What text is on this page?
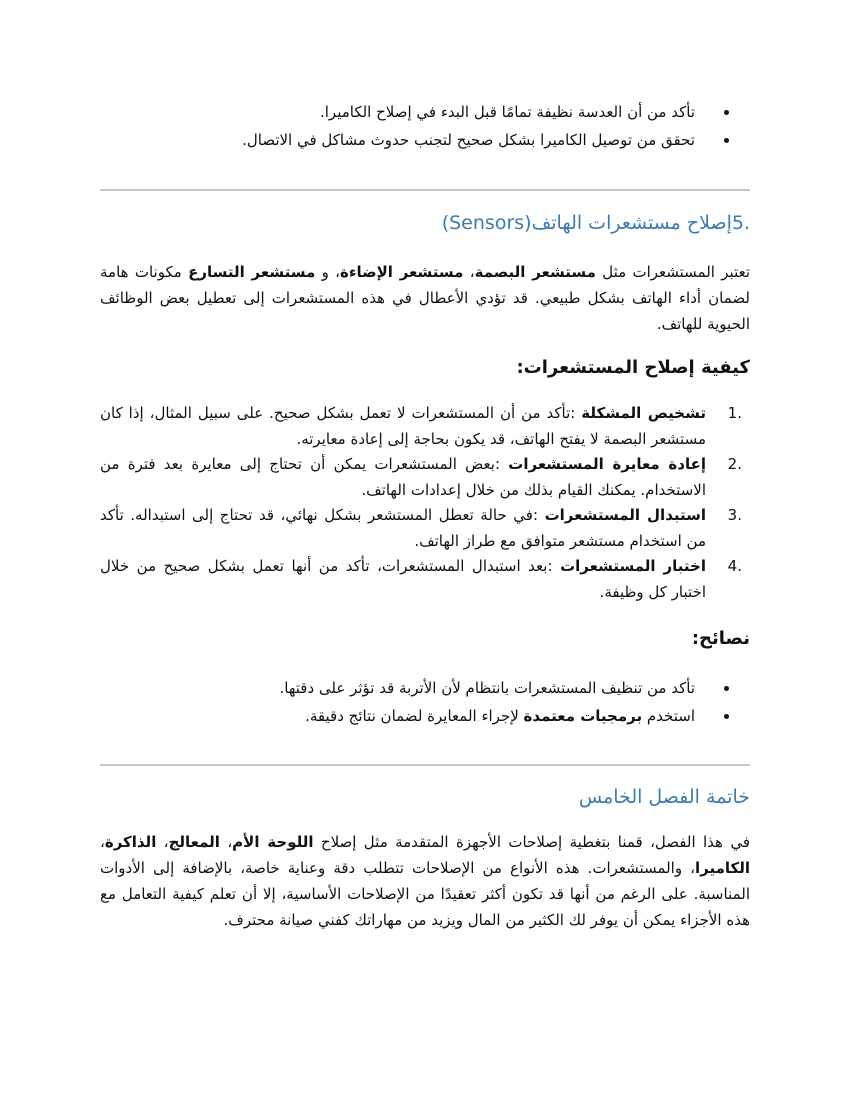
تأكد من أن العدسة نظيفة تمامًا قبل البدء في إصلاح الكاميرا.
تحقق من توصيل الكاميرا بشكل صحيح لتجنب حدوث مشاكل في الاتصال.
.5إصلاح مستشعرات الهاتف(Sensors)
تعتبر المستشعرات مثل مستشعر البصمة، مستشعر الإضاءة، و مستشعر التسارع مكونات هامة لضمان أداء الهاتف بشكل طبيعي. قد تؤدي الأعطال في هذه المستشعرات إلى تعطيل بعض الوظائف الحيوية للهاتف.
كيفية إصلاح المستشعرات:
.1
تشخيص المشكلة :تأكد من أن المستشعرات لا تعمل بشكل صحيح. على سبيل المثال، إذا كان مستشعر البصمة لا يفتح الهاتف، قد يكون بحاجة إلى إعادة معايرته.
.2
إعادة معايرة المستشعرات :بعض المستشعرات يمكن أن تحتاج إلى معايرة بعد فترة من الاستخدام. يمكنك القيام بذلك من خلال إعدادات الهاتف.
.3
استبدال المستشعرات :في حالة تعطل المستشعر بشكل نهائي، قد تحتاج إلى استبداله. تأكد من استخدام مستشعر متوافق مع طراز الهاتف.
.4
اختبار المستشعرات :بعد استبدال المستشعرات، تأكد من أنها تعمل بشكل صحيح من خلال اختبار كل وظيفة.
نصائح:
تأكد من تنظيف المستشعرات بانتظام لأن الأتربة قد تؤثر على دقتها.
استخدم برمجيات معتمدة لإجراء المعايرة لضمان نتائج دقيقة.
خاتمة الفصل الخامس
في هذا الفصل، قمنا بتغطية إصلاحات الأجهزة المتقدمة مثل إصلاح اللوحة الأم، المعالج، الذاكرة، الكاميرا، والمستشعرات. هذه الأنواع من الإصلاحات تتطلب دقة وعناية خاصة، بالإضافة إلى الأدوات المناسبة. على الرغم من أنها قد تكون أكثر تعقيدًا من الإصلاحات الأساسية، إلا أن تعلم كيفية التعامل مع هذه الأجزاء يمكن أن يوفر لك الكثير من المال ويزيد من مهاراتك كفني صيانة محترف.
